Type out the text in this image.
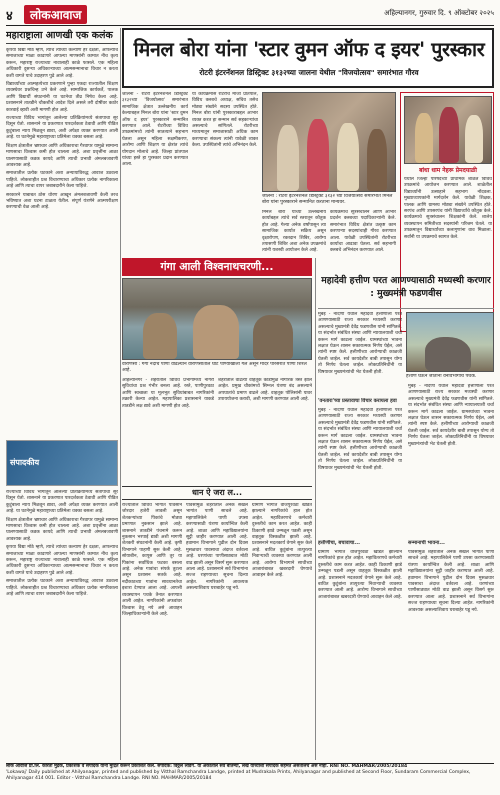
४	लोकआवाज	अहिल्यानगर, गुरुवार दि. ९ ऑक्टोबर २०२५
महाराष्ट्राला आणखी एक कलंक

कृपया विद्या मोठे म्हणे, त्याचे त्यांच्या कल्याण हेर दक्षता, आपल्याच समाजाच्या माळा काढणारे आपल्या माणसांनी कामात नीच कृत्य करून, महाराष्ट्र राज्याच्या नावालाही काळे फासले. एक महिला अधिकारी दुसऱ्या अधिकाऱ्याच्या आत्मसन्मानाचा विचार न करता कशी वागते याचे उदाहरण पुढे आले आहे.

विद्यार्थ्यांच्या आत्महत्येच्या प्रकरणाने पुन्हा एकदा राज्यातील शिक्षण व्यवस्थेवर प्रश्नचिन्ह उभे केले आहे. सामाजिक कार्यकर्ते, पालक आणि विद्यार्थी संघटनांनी या घटनेचा तीव्र निषेध केला आहे. प्रशासनाने तातडीने चौकशीचे आदेश दिले असले तरी दोषींवर कठोर कारवाई व्हावी अशी मागणी होत आहे.

राज्याच्या विविध भागांतून आलेल्या प्रतिक्रियांमध्ये संतापाचा सूर दिसून येतो. शासनाने या प्रकरणात पारदर्शकता ठेवावी आणि पीडित कुटुंबाला न्याय मिळवून द्यावा, अशी अपेक्षा व्यक्त करण्यात आली आहे. या घटनेमुळे महाराष्ट्राच्या प्रतिमेला धक्का बसला आहे.

शिक्षण क्षेत्रातील भ्रष्टाचार आणि अधिकाराचा गैरवापर यामुळे सामान्य माणसाचा विश्वास कमी होत चालला आहे. अशा प्रवृत्तींना आळा घालण्यासाठी कडक कायदे आणि त्याची प्रभावी अंमलबजावणी आवश्यक आहे.

समाजातील प्रत्येक घटकाने अशा अन्यायाविरुद्ध आवाज उठवला पाहिजे. लोकशाहीत प्रश्न विचारण्याचा अधिकार प्रत्येक नागरिकाला आहे आणि त्याचा वापर जबाबदारीने केला पाहिजे.

सरकारने याबाबत ठोस धोरण आखून अंमलबजावणी केली तरच भविष्यात अशा घटना टाळता येतील. संपूर्ण यंत्रणेने आत्मपरीक्षण करण्याची वेळ आली आहे.

संपादकीय

राज्याच्या विविध भागांतून आलेल्या प्रतिक्रियांमध्ये संतापाचा सूर दिसून येतो. शासनाने या प्रकरणात पारदर्शकता ठेवावी आणि पीडित कुटुंबाला न्याय मिळवून द्यावा, अशी अपेक्षा व्यक्त करण्यात आली आहे. या घटनेमुळे महाराष्ट्राच्या प्रतिमेला धक्का बसला आहे.

शिक्षण क्षेत्रातील भ्रष्टाचार आणि अधिकाराचा गैरवापर यामुळे सामान्य माणसाचा विश्वास कमी होत चालला आहे. अशा प्रवृत्तींना आळा घालण्यासाठी कडक कायदे आणि त्याची प्रभावी अंमलबजावणी आवश्यक आहे.

कृपया विद्या मोठे म्हणे, त्याचे त्यांच्या कल्याण हेर दक्षता, आपल्याच समाजाच्या माळा काढणारे आपल्या माणसांनी कामात नीच कृत्य करून, महाराष्ट्र राज्याच्या नावालाही काळे फासले. एक महिला अधिकारी दुसऱ्या अधिकाऱ्याच्या आत्मसन्मानाचा विचार न करता कशी वागते याचे उदाहरण पुढे आले आहे.

समाजातील प्रत्येक घटकाने अशा अन्यायाविरुद्ध आवाज उठवला पाहिजे. लोकशाहीत प्रश्न विचारण्याचा अधिकार प्रत्येक नागरिकाला आहे आणि त्याचा वापर जबाबदारीने केला पाहिजे.

मिनल बोरा यांना 'स्टार वुमन ऑफ द इयर' पुरस्कार
रोटरी इंटरनॅशनल डिस्ट्रिक्ट ३१३२च्या जालना येथील "विजयोत्सव" समारंभात गौरव
जालना - रोटरी इंटरनॅशनल डिस्ट्रिक्ट ३१३२च्या 'विजयोत्सव' समारंभात सामाजिक क्षेत्रात उल्लेखनीय कार्य केल्याबद्दल मिनल बोरा यांना 'स्टार वुमन ऑफ द इयर' पुरस्काराने सन्मानित करण्यात आले. रोटरीच्या विविध उपक्रमांमध्ये त्यांनी सातत्याने सहभाग घेतला असून महिला सक्षमीकरण, आरोग्य आणि शिक्षण या क्षेत्रांत त्यांचे योगदान मोलाचे आहे. जिल्हा प्रांतपाल यांच्या हस्ते हा पुरस्कार प्रदान करण्यात आला.
या कार्यक्रमास रोटरीचे माजी प्रांतपाल, विविध क्लबचे अध्यक्ष, सचिव तसेच मोठ्या संख्येने सदस्य उपस्थित होते. मिनल बोरा यांनी पुरस्काराबद्दल आभार व्यक्त करत हा सन्मान सर्व सहकाऱ्यांचा असल्याचे सांगितले. रोटरीच्या माध्यमातून समाजासाठी अधिक काम करण्याचा संकल्प त्यांनी यावेळी व्यक्त केला. उपस्थितांनी त्यांचे अभिनंदन केले.
जालना : रोटरी इंटरनॅशनल डिस्ट्रिक्ट ३१३२ च्या विजयोत्सव समारंभात मिनल बोरा यांना पुरस्काराने सन्मानित करताना मान्यवर.
मिनल बोरा यांच्या उल्लेखनीय कार्याबद्दल त्यांचे सर्व स्तरातून कौतुक होत आहे. गेल्या अनेक वर्षांपासून त्या सामाजिक कार्यात सक्रिय असून वृक्षारोपण, रक्तदान शिबिर, आरोग्य तपासणी शिबिर अशा अनेक उपक्रमांचे त्यांनी यशस्वी आयोजन केले आहे.
कार्यक्रमाचे सूत्रसंचालन आणि आभार प्रदर्शन क्लबच्या पदाधिकाऱ्यांनी केले. समारंभात विविध क्षेत्रांत उत्कृष्ट काम करणाऱ्या सदस्यांचाही गौरव करण्यात आला. यावेळी उपस्थितांनी रोटरीच्या कार्याचा आढावा घेतला. सर्व सहभागी क्लबचे अभिनंदन करण्यात आले.
बांधा धाम नेहरू प्रेमदयाळी
येथील जिल्हा परिषदेच्या प्राथमिक शाळेत विविध उपक्रमांचे आयोजन करण्यात आले. शाळेतील विद्यार्थ्यांनी उत्साहाने सहभाग नोंदवला. मुख्याध्यापकांनी मार्गदर्शन केले. यावेळी शिक्षक, पालक आणि ग्रामस्थ मोठ्या संख्येने उपस्थित होते. सरपंच आणि उपसरपंच यांनी विद्यार्थ्यांचे कौतुक केले. कार्यक्रमाचे सूत्रसंचालन शिक्षकांनी केले. शालेय व्यवस्थापन समितीच्या सदस्यांनी परिश्रम घेतले. या उपक्रमातून विद्यार्थ्यांच्या कलागुणांना वाव मिळाला. सर्वांनी या उपक्रमाचे स्वागत केले.
गंगा आली विश्वनाथचरणी...
वाराणसी : गंगा नदीचे पाणी वाढल्याने वाराणसीतील घाट पाण्याखाली गेले असून मंदिर परिसरात पाणी शिरले आहे.
महादेवी हत्तीण परत आणण्यासाठी मध्यस्थी करणार : मुख्यमंत्री फडणवीस
मुंबई - नांदणी येथील महादेवी हत्तीणीला परत आणण्यासाठी राज्य सरकार मध्यस्थी करणार असल्याचे मुख्यमंत्री देवेंद्र फडणवीस यांनी सांगितले. या संदर्भात संबंधित संस्था आणि न्यायालयाशी चर्चा करून मार्ग काढला जाईल. ग्रामस्थांच्या भावना लक्षात घेऊन शासन सकारात्मक निर्णय घेईल, असे त्यांनी स्पष्ट केले. हत्तीणीच्या आरोग्याची काळजी घेतली जाईल. सर्व कायदेशीर बाबी तपासून योग्य तो निर्णय घेतला जाईल. लोकप्रतिनिधींनी या विषयावर मुख्यमंत्र्यांची भेट घेतली होती.
हत्तीण घेऊन जाताना वनविभागाचे पथक.
'वनतारा'च्या प्रस्तावाचा विचार करायला हवा
मुंबई - नांदणी येथील महादेवी हत्तीणीला परत आणण्यासाठी राज्य सरकार मध्यस्थी करणार असल्याचे मुख्यमंत्री देवेंद्र फडणवीस यांनी सांगितले. या संदर्भात संबंधित संस्था आणि न्यायालयाशी चर्चा करून मार्ग काढला जाईल. ग्रामस्थांच्या भावना लक्षात घेऊन शासन सकारात्मक निर्णय घेईल, असे त्यांनी स्पष्ट केले. हत्तीणीच्या आरोग्याची काळजी घेतली जाईल. सर्व कायदेशीर बाबी तपासून योग्य तो निर्णय घेतला जाईल. लोकप्रतिनिधींनी या विषयावर मुख्यमंत्र्यांची भेट घेतली होती.
मुंबई - नांदणी येथील महादेवी हत्तीणीला परत आणण्यासाठी राज्य सरकार मध्यस्थी करणार असल्याचे मुख्यमंत्री देवेंद्र फडणवीस यांनी सांगितले. या संदर्भात संबंधित संस्था आणि न्यायालयाशी चर्चा करून मार्ग काढला जाईल. ग्रामस्थांच्या भावना लक्षात घेऊन शासन सकारात्मक निर्णय घेईल, असे त्यांनी स्पष्ट केले. हत्तीणीच्या आरोग्याची काळजी घेतली जाईल. सर्व कायदेशीर बाबी तपासून योग्य तो निर्णय घेतला जाईल. लोकप्रतिनिधींनी या विषयावर मुख्यमंत्र्यांची भेट घेतली होती.
हत्तीणीचा, बचावाचा...
ग्रामीण भागात वीजपुरवठा खंडित झाल्याने नागरिकांचे हाल होत आहेत. महावितरणचे कर्मचारी दुरुस्तीचे काम करत आहेत. काही ठिकाणी झाडे उन्मळून पडली असून वाहतूक विस्कळीत झाली आहे. प्रशासनाने मदतकार्य वेगाने सुरू केले आहे. बाधित कुटुंबांना तात्पुरत्या निवाऱ्याची व्यवस्था करण्यात आली आहे. आरोग्य विभागाने साथीच्या आजारांबाबत खबरदारी घेण्याचे आवाहन केले आहे.
सन्मानाची भावना...
पावसामुळे शहरातील अनेक सखल भागांत पाणी साचले आहे. महापालिकेने पाणी उपसा करण्यासाठी यंत्रणा कार्यान्वित केली आहे. शाळा आणि महाविद्यालयांना सुट्टी जाहीर करण्यात आली आहे. हवामान विभागाने पुढील दोन दिवस मुसळधार पावसाचा अंदाज वर्तवला आहे. धरणांच्या पाणीसाठ्यात मोठी वाढ झाली असून विसर्ग सुरू करण्यात आला आहे. प्रशासनाने सर्व विभागांना सज्ज राहण्याच्या सूचना दिल्या आहेत. नागरिकांनी आवश्यक असल्याशिवाय घराबाहेर पडू नये.
अहिल्यानगर - शहरातील विविध प्रभागांमध्ये नागरी सुविधांचा प्रश्न गंभीर बनला आहे. रस्ते, पाणीपुरवठा आणि स्वच्छता या मूलभूत सुविधांबाबत नागरिकांनी तक्रारी केल्या आहेत. महापालिका प्रशासनाने याकडे तातडीने लक्ष द्यावे अशी मागणी होत आहे.
शहरातील वाढत्या वाहतूक कोंडीमुळे नागरिक त्रस्त झाले आहेत. प्रमुख चौकांमध्ये सिग्नल यंत्रणा बंद असल्याने अपघातांचे प्रमाण वाढले आहे. वाहतूक पोलिसांनी यावर उपाययोजना करावी, अशी मागणी करण्यात आली आहे.
धान ऐ जरा ल...
राज्यातील विविध भागांत पावसाने जोरदार हजेरी लावली असून शेतकऱ्यांच्या पिकांचे मोठ्या प्रमाणात नुकसान झाले आहे. शासनाने तातडीने पंचनामे करून नुकसान भरपाई द्यावी अशी मागणी शेतकरी संघटनांनी केली आहे. कृषी विभागाने पाहणी सुरू केली आहे. सोयाबीन, कापूस आणि तूर या पिकांना सर्वाधिक फटका बसला आहे. अनेक गावांचा संपर्क तुटला असून प्रशासन सतर्क आहे. नदीकाठच्या गावांना सावधानतेचा इशारा देण्यात आला आहे. आपत्ती व्यवस्थापन पथके तैनात करण्यात आली आहेत. नागरिकांनी अफवांवर विश्वास ठेवू नये असे आवाहन जिल्हाधिकाऱ्यांनी केले आहे.
पावसामुळे शहरातील अनेक सखल भागांत पाणी साचले आहे. महापालिकेने पाणी उपसा करण्यासाठी यंत्रणा कार्यान्वित केली आहे. शाळा आणि महाविद्यालयांना सुट्टी जाहीर करण्यात आली आहे. हवामान विभागाने पुढील दोन दिवस मुसळधार पावसाचा अंदाज वर्तवला आहे. धरणांच्या पाणीसाठ्यात मोठी वाढ झाली असून विसर्ग सुरू करण्यात आला आहे. प्रशासनाने सर्व विभागांना सज्ज राहण्याच्या सूचना दिल्या आहेत. नागरिकांनी आवश्यक असल्याशिवाय घराबाहेर पडू नये.
ग्रामीण भागात वीजपुरवठा खंडित झाल्याने नागरिकांचे हाल होत आहेत. महावितरणचे कर्मचारी दुरुस्तीचे काम करत आहेत. काही ठिकाणी झाडे उन्मळून पडली असून वाहतूक विस्कळीत झाली आहे. प्रशासनाने मदतकार्य वेगाने सुरू केले आहे. बाधित कुटुंबांना तात्पुरत्या निवाऱ्याची व्यवस्था करण्यात आली आहे. आरोग्य विभागाने साथीच्या आजारांबाबत खबरदारी घेण्याचे आवाहन केले आहे.
लोक आवाज प्रा.लि. करिता मुद्रक, प्रकाशक व संपादक यांनी मुद्रित करून प्रकाशित केले. संपादक: विठ्ठल लांडगे. या अंकातील सर्व बातम्या, लेख यांच्याशी संपादक सहमत असतीलच असे नाही. RNI NO. MAHMAR/2005/20184
'Lokawaj' Daily published at Ahilyanagar, printed and published by Vitthal Ramchandra Landge, printed at Mudrakala Prints, Ahilyanagar and published at Second Floor, Sundaram Commercial Complex, Ahilyanagar 414 001. Editor - Vitthal Ramchandra Landge. RNI NO. MAHMAR/2005/20184
